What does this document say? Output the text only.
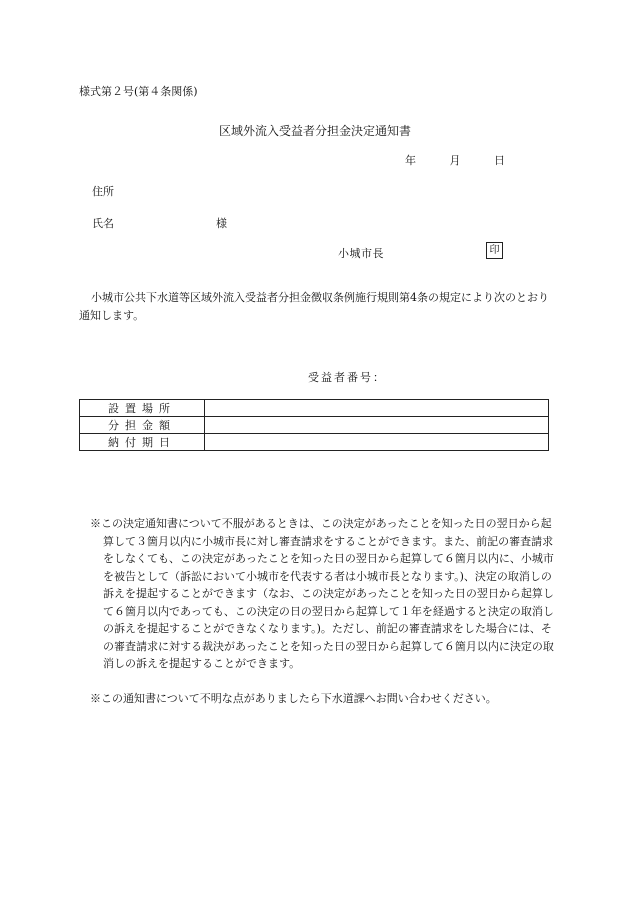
様式第２号(第４条関係)
区域外流入受益者分担金決定通知書
年	月	日
住所
氏名	様
小城市長	印
小城市公共下水道等区域外流入受益者分担金徴収条例施行規則第4条の規定により次のとおり通知します。
受益者番号：
設置場所	
分担金額	
納付期日	

※この決定通知書について不服があるときは、この決定があったことを知った日の翌日から起算して３箇月以内に小城市長に対し審査請求をすることができます。また、前記の審査請求をしなくても、この決定があったことを知った日の翌日から起算して６箇月以内に、小城市を被告として（訴訟において小城市を代表する者は小城市長となります。)、決定の取消しの訴えを提起することができます（なお、この決定があったことを知った日の翌日から起算して６箇月以内であっても、この決定の日の翌日から起算して１年を経過すると決定の取消しの訴えを提起することができなくなります。)。ただし、前記の審査請求をした場合には、その審査請求に対する裁決があったことを知った日の翌日から起算して６箇月以内に決定の取消しの訴えを提起することができます。

※この通知書について不明な点がありましたら下水道課へお問い合わせください。
